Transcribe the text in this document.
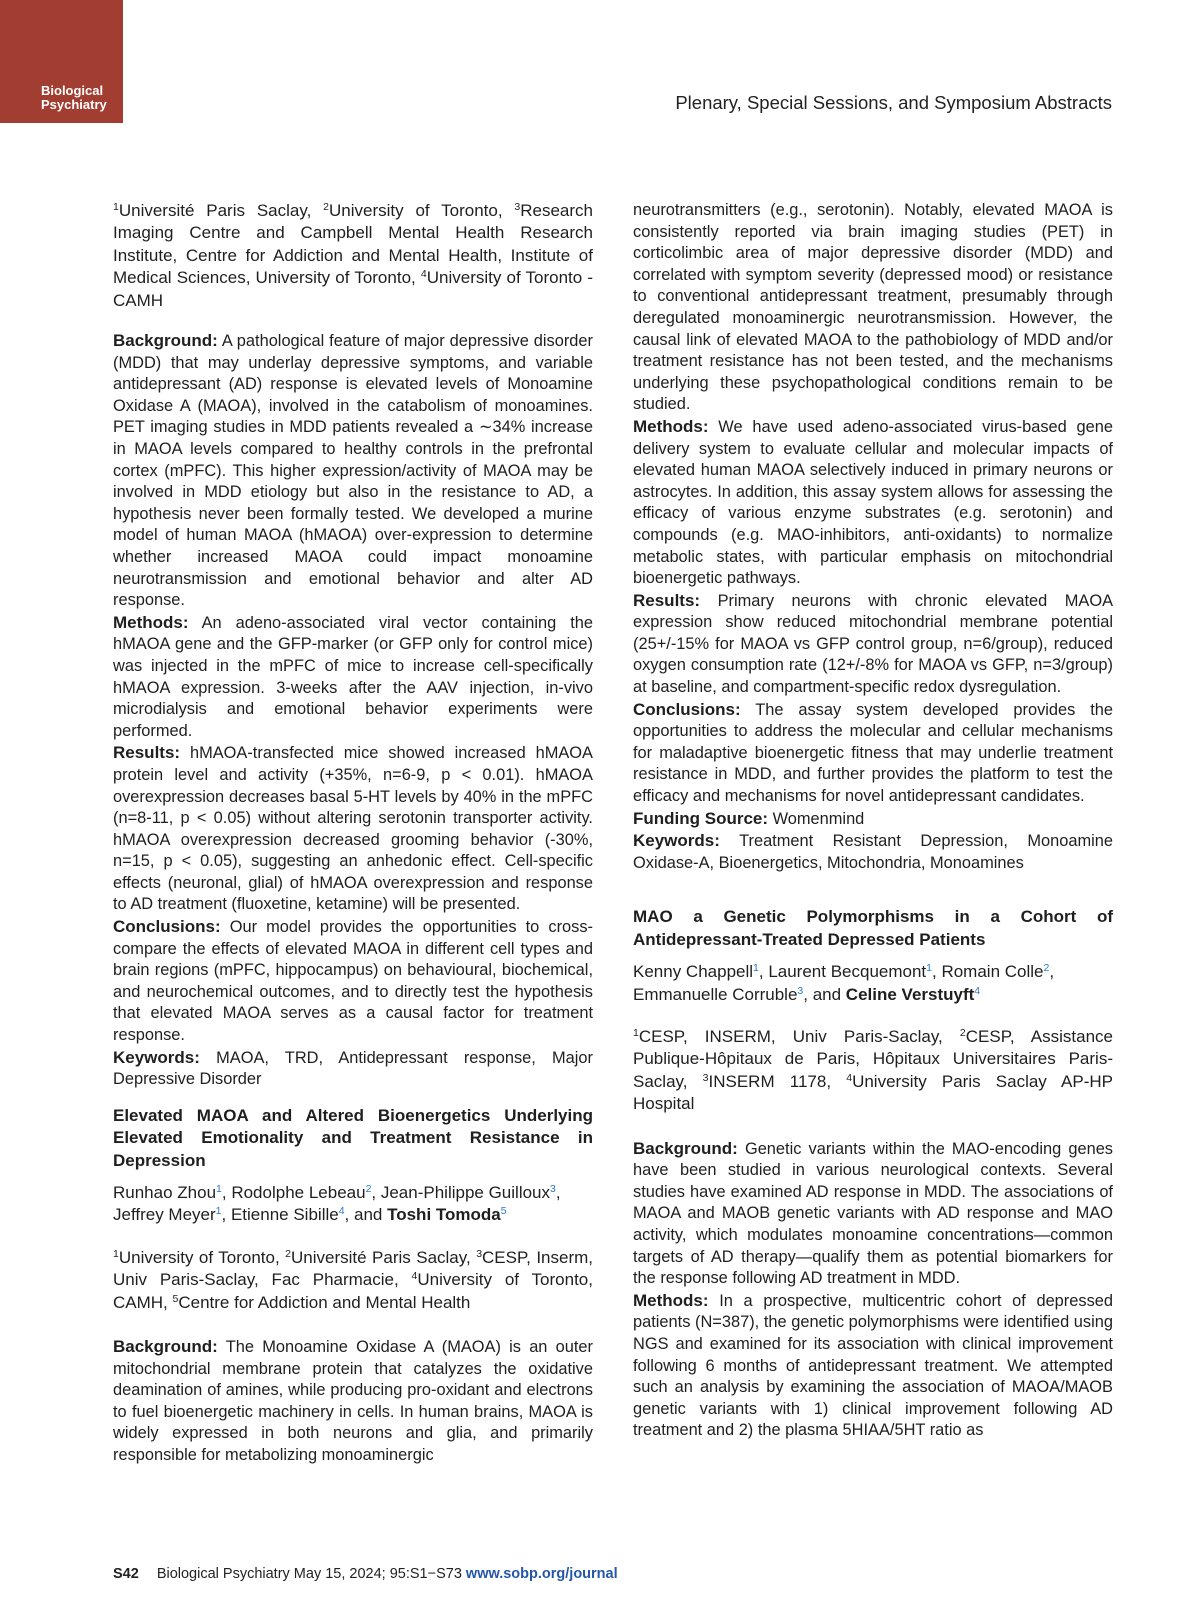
Biological
Psychiatry	Plenary, Special Sessions, and Symposium Abstracts

$^1$Université Paris Saclay, $^2$University of Toronto, $^3$Research Imaging Centre and Campbell Mental Health Research Institute, Centre for Addiction and Mental Health, Institute of Medical Sciences, University of Toronto, $^4$University of Toronto - CAMH

Background: A pathological feature of major depressive disorder (MDD) that may underlay depressive symptoms, and variable antidepressant (AD) response is elevated levels of Monoamine Oxidase A (MAOA), involved in the catabolism of monoamines. PET imaging studies in MDD patients revealed a ∼34% increase in MAOA levels compared to healthy controls in the prefrontal cortex (mPFC). This higher expression/activity of MAOA may be involved in MDD etiology but also in the resistance to AD, a hypothesis never been formally tested. We developed a murine model of human MAOA (hMAOA) over-expression to determine whether increased MAOA could impact monoamine neurotransmission and emotional behavior and alter AD response.

Methods: An adeno-associated viral vector containing the hMAOA gene and the GFP-marker (or GFP only for control mice) was injected in the mPFC of mice to increase cell-specifically hMAOA expression. 3-weeks after the AAV injection, in-vivo microdialysis and emotional behavior experiments were performed.

Results: hMAOA-transfected mice showed increased hMAOA protein level and activity (+35%, n=6-9, p < 0.01). hMAOA overexpression decreases basal 5-HT levels by 40% in the mPFC (n=8-11, p < 0.05) without altering serotonin transporter activity. hMAOA overexpression decreased grooming behavior (-30%, n=15, p < 0.05), suggesting an anhedonic effect. Cell-specific effects (neuronal, glial) of hMAOA overexpression and response to AD treatment (fluoxetine, ketamine) will be presented.

Conclusions: Our model provides the opportunities to cross-compare the effects of elevated MAOA in different cell types and brain regions (mPFC, hippocampus) on behavioural, biochemical, and neurochemical outcomes, and to directly test the hypothesis that elevated MAOA serves as a causal factor for treatment response.

Keywords: MAOA, TRD, Antidepressant response, Major Depressive Disorder

Elevated MAOA and Altered Bioenergetics Underlying Elevated Emotionality and Treatment Resistance in Depression

Runhao Zhou$^1$, Rodolphe Lebeau$^2$, Jean-Philippe Guilloux$^3$, Jeffrey Meyer$^1$, Etienne Sibille$^4$, and Toshi Tomoda$^5$

$^1$University of Toronto, $^2$Université Paris Saclay, $^3$CESP, Inserm, Univ Paris-Saclay, Fac Pharmacie, $^4$University of Toronto, CAMH, $^5$Centre for Addiction and Mental Health

Background: The Monoamine Oxidase A (MAOA) is an outer mitochondrial membrane protein that catalyzes the oxidative deamination of amines, while producing pro-oxidant and electrons to fuel bioenergetic machinery in cells. In human brains, MAOA is widely expressed in both neurons and glia, and primarily responsible for metabolizing monoaminergic

neurotransmitters (e.g., serotonin). Notably, elevated MAOA is consistently reported via brain imaging studies (PET) in corticolimbic area of major depressive disorder (MDD) and correlated with symptom severity (depressed mood) or resistance to conventional antidepressant treatment, presumably through deregulated monoaminergic neurotransmission. However, the causal link of elevated MAOA to the pathobiology of MDD and/or treatment resistance has not been tested, and the mechanisms underlying these psychopathological conditions remain to be studied.

Methods: We have used adeno-associated virus-based gene delivery system to evaluate cellular and molecular impacts of elevated human MAOA selectively induced in primary neurons or astrocytes. In addition, this assay system allows for assessing the efficacy of various enzyme substrates (e.g. serotonin) and compounds (e.g. MAO-inhibitors, anti-oxidants) to normalize metabolic states, with particular emphasis on mitochondrial bioenergetic pathways.

Results: Primary neurons with chronic elevated MAOA expression show reduced mitochondrial membrane potential (25+/-15% for MAOA vs GFP control group, n=6/group), reduced oxygen consumption rate (12+/-8% for MAOA vs GFP, n=3/group) at baseline, and compartment-specific redox dysregulation.

Conclusions: The assay system developed provides the opportunities to address the molecular and cellular mechanisms for maladaptive bioenergetic fitness that may underlie treatment resistance in MDD, and further provides the platform to test the efficacy and mechanisms for novel antidepressant candidates.

Funding Source: Womenmind

Keywords: Treatment Resistant Depression, Monoamine Oxidase-A, Bioenergetics, Mitochondria, Monoamines

MAO a Genetic Polymorphisms in a Cohort of Antidepressant-Treated Depressed Patients

Kenny Chappell$^1$, Laurent Becquemont$^1$, Romain Colle$^2$, Emmanuelle Corruble$^3$, and Celine Verstuyft$^4$

$^1$CESP, INSERM, Univ Paris-Saclay, $^2$CESP, Assistance Publique-Hôpitaux de Paris, Hôpitaux Universitaires Paris-Saclay, $^3$INSERM 1178, $^4$University Paris Saclay AP-HP Hospital

Background: Genetic variants within the MAO-encoding genes have been studied in various neurological contexts. Several studies have examined AD response in MDD. The associations of MAOA and MAOB genetic variants with AD response and MAO activity, which modulates monoamine concentrations—common targets of AD therapy—qualify them as potential biomarkers for the response following AD treatment in MDD.

Methods: In a prospective, multicentric cohort of depressed patients (N=387), the genetic polymorphisms were identified using NGS and examined for its association with clinical improvement following 6 months of antidepressant treatment. We attempted such an analysis by examining the association of MAOA/MAOB genetic variants with 1) clinical improvement following AD treatment and 2) the plasma 5HIAA/5HT ratio as

S42 Biological Psychiatry May 15, 2024; 95:S1−S73 www.sobp.org/journal
